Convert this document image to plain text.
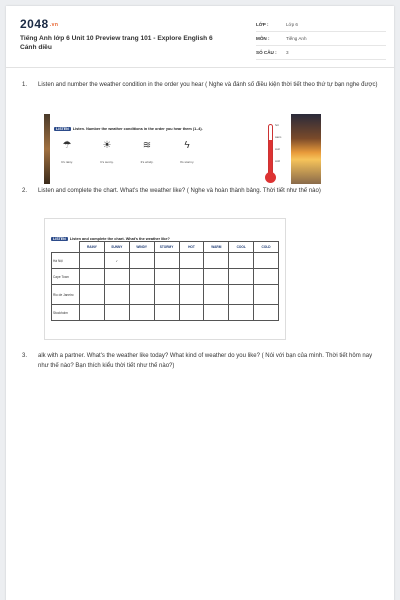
2048.vn
Tiếng Anh lớp 6 Unit 10 Preview trang 101 - Explore English 6 Cánh diều
LỚP :	Lớp 6
MÔN :	Tiếng Anh
SỐ CÂU :	3
1. Listen and number the weather condition in the order you hear ( Nghe và đánh số điều kiện thời tiết theo thứ tự bạn nghe được)
LISTEN Listen. Number the weather conditions in the order you hear them (1–4).
☂	☀	≋	ϟ
It's rainy.	It's sunny.	It's windy.	It's stormy.
hot
warm
cool
cold
2. Listen and complete the chart. What's the weather like? ( Nghe và hoàn thành bảng. Thời tiết như thế nào)
LISTEN Listen and complete the chart. What's the weather like?
	RAINY	SUNNY	WINDY	STORMY	HOT	WARM	COOL	COLD
Hà Nội		✓						
Cape Town								
Rio de Janeiro								
Stockholm								
3. alk with a partner. What's the weather like today? What kind of weather do you like? ( Nói với bạn của mình. Thời tiết hôm nay như thế nào? Bạn thích kiểu thời tiết như thế nào?)
